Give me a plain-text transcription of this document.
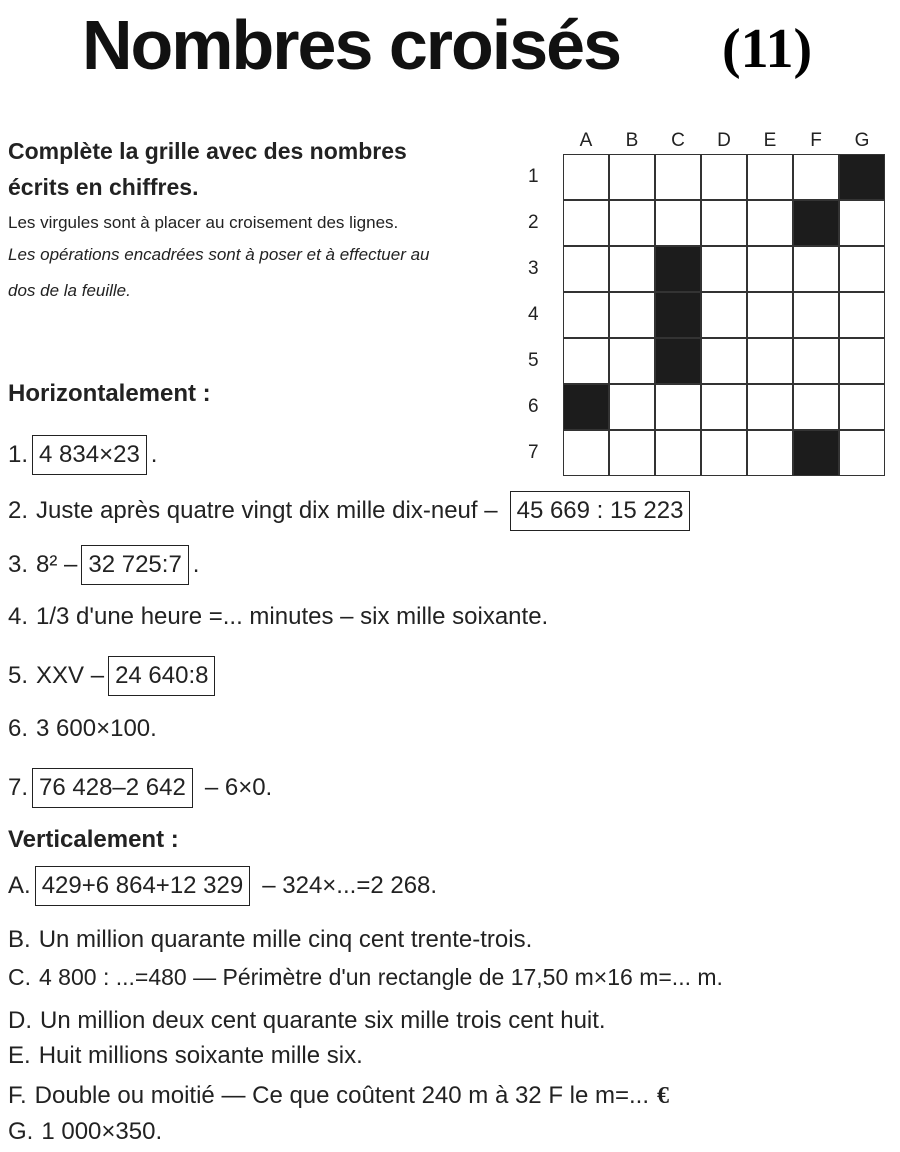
Nombres croisés (11)
Complète la grille avec des nombres
écrits en chiffres.
Les virgules sont à placer au croisement des lignes.
Les opérations encadrées sont à poser et à effectuer au
dos de la feuille.
A	B	C	D	E	F	G
1
2
3
4
5
6
7
Horizontalement :
1. 4 834×23 .
2. Juste après quatre vingt dix mille dix-neuf – 45 669 : 15 223
3. 8² – 32 725:7 .
4. 1/3 d'une heure =... minutes – six mille soixante.
5. XXV – 24 640:8
6. 3 600×100.
7. 76 428–2 642 – 6×0.
Verticalement :
A. 429+6 864+12 329 – 324×...=2 268.
B. Un million quarante mille cinq cent trente-trois.
C. 4 800 : ...=480 — Périmètre d'un rectangle de 17,50 m×16 m=... m.
D. Un million deux cent quarante six mille trois cent huit.
E. Huit millions soixante mille six.
F. Double ou moitié — Ce que coûtent 240 m à 32 F le m=... €
G. 1 000×350.
